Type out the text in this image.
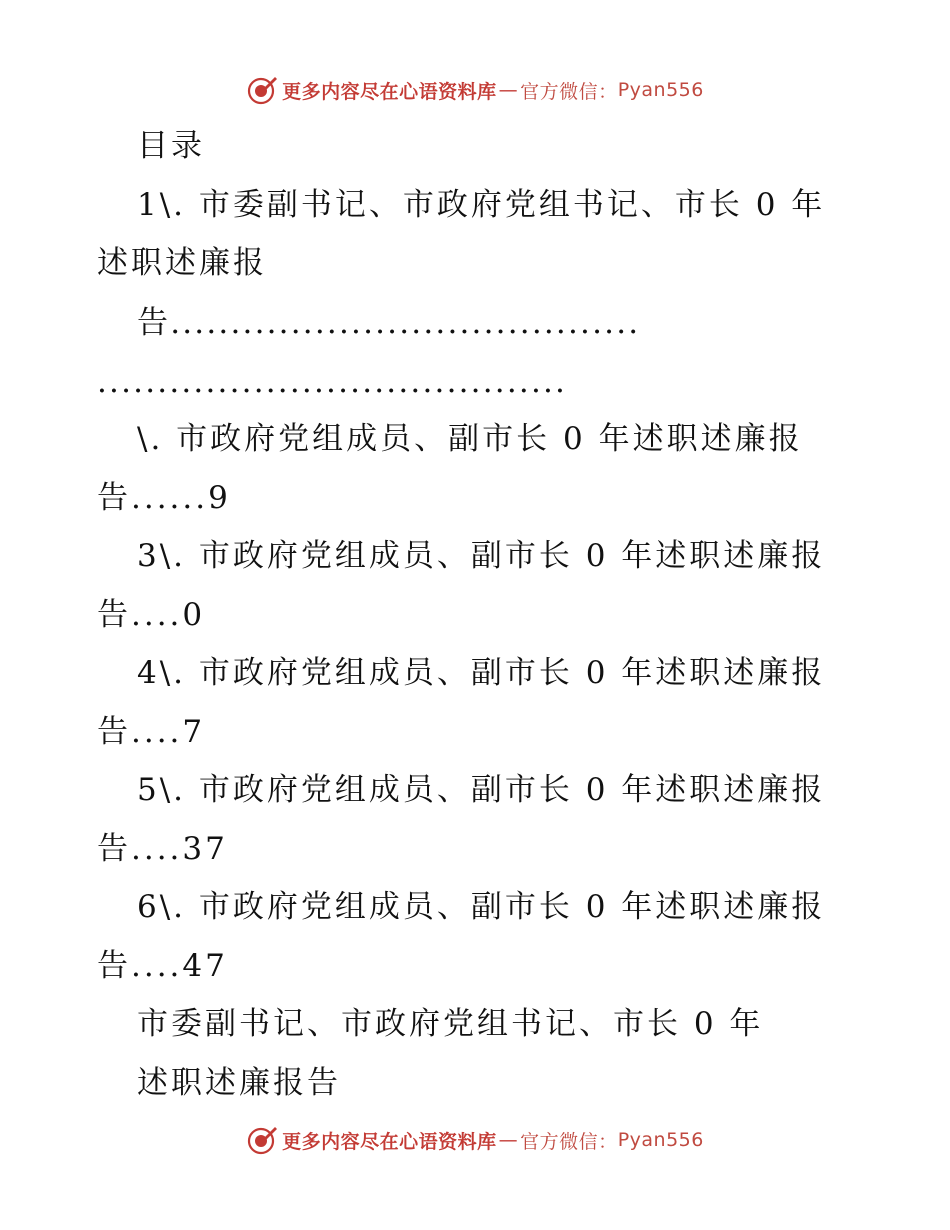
更多内容尽在心语资料库 — 官方微信： Pyan556
目录
1\. 市委副书记、市政府党组书记、市长 0 年
述职述廉报
告.......................................
.......................................
\. 市政府党组成员、副市长 0 年述职述廉报
告......9
3\. 市政府党组成员、副市长 0 年述职述廉报
告....0
4\. 市政府党组成员、副市长 0 年述职述廉报
告....7
5\. 市政府党组成员、副市长 0 年述职述廉报
告....37
6\. 市政府党组成员、副市长 0 年述职述廉报
告....47
市委副书记、市政府党组书记、市长 0 年
述职述廉报告
更多内容尽在心语资料库 — 官方微信： Pyan556
